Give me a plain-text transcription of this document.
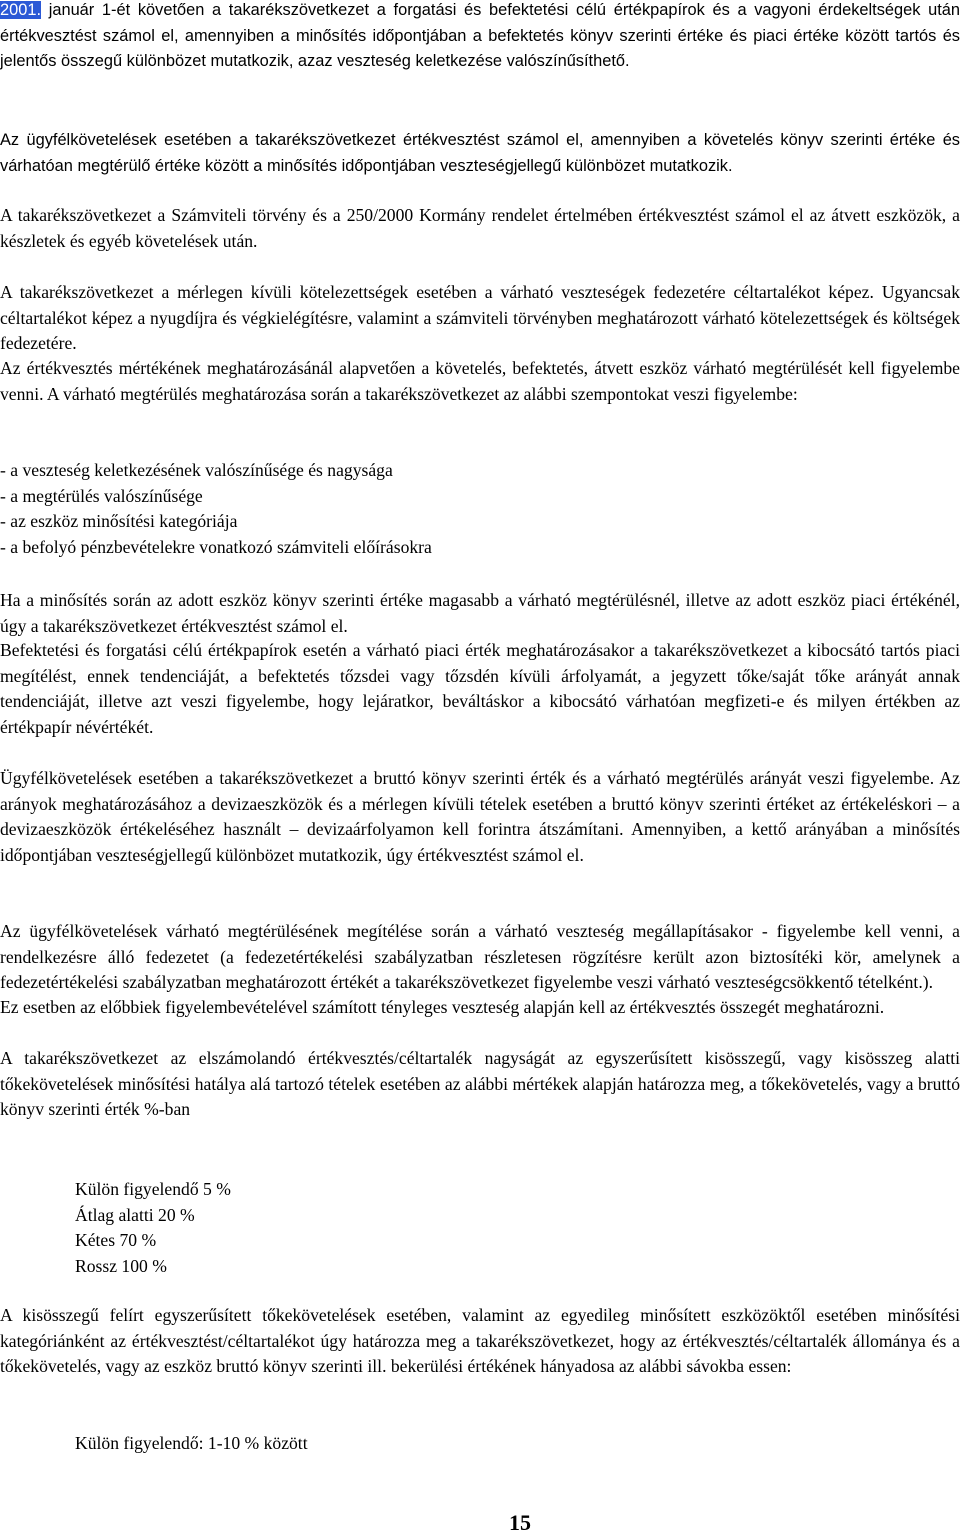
2001. január 1-ét követően a takarékszövetkezet a forgatási és befektetési célú értékpapírok és a vagyoni érdekeltségek után értékvesztést számol el, amennyiben a minősítés időpontjában a befektetés könyv szerinti értéke és piaci értéke között tartós és jelentős összegű különbözet mutatkozik, azaz veszteség keletkezése valószínűsíthető.
Az ügyfélkövetelések esetében a takarékszövetkezet értékvesztést számol el, amennyiben a követelés könyv szerinti értéke és várhatóan megtérülő értéke között a minősítés időpontjában veszteségjellegű különbözet mutatkozik.
A takarékszövetkezet a Számviteli törvény és a 250/2000 Kormány rendelet értelmében értékvesztést számol el az átvett eszközök, a készletek és egyéb követelések után.
A takarékszövetkezet a mérlegen kívüli kötelezettségek esetében a várható veszteségek fedezetére céltartalékot képez. Ugyancsak céltartalékot képez a nyugdíjra és végkielégítésre, valamint a számviteli törvényben meghatározott várható kötelezettségek és költségek fedezetére.
Az értékvesztés mértékének meghatározásánál alapvetően a követelés, befektetés, átvett eszköz várható megtérülését kell figyelembe venni. A várható megtérülés meghatározása során a takarékszövetkezet az alábbi szempontokat veszi figyelembe:
- a veszteség keletkezésének valószínűsége és nagysága
- a megtérülés valószínűsége
- az eszköz minősítési kategóriája
- a befolyó pénzbevételekre vonatkozó számviteli előírásokra
Ha a minősítés során az adott eszköz könyv szerinti értéke magasabb a várható megtérülésnél, illetve az adott eszköz piaci értékénél, úgy a takarékszövetkezet értékvesztést számol el.
Befektetési és forgatási célú értékpapírok esetén a várható piaci érték meghatározásakor a takarékszövetkezet a kibocsátó tartós piaci megítélést, ennek tendenciáját, a befektetés tőzsdei vagy tőzsdén kívüli árfolyamát, a jegyzett tőke/saját tőke arányát annak tendenciáját, illetve azt veszi figyelembe, hogy lejáratkor, beváltáskor a kibocsátó várhatóan megfizeti-e és milyen értékben az értékpapír névértékét.
Ügyfélkövetelések esetében a takarékszövetkezet a bruttó könyv szerinti érték és a várható megtérülés arányát veszi figyelembe. Az arányok meghatározásához a devizaeszközök és a mérlegen kívüli tételek esetében a bruttó könyv szerinti értéket az értékeléskori – a devizaeszközök értékeléséhez használt – devizaárfolyamon kell forintra átszámítani. Amennyiben, a kettő arányában a minősítés időpontjában veszteségjellegű különbözet mutatkozik, úgy értékvesztést számol el.
Az ügyfélkövetelések várható megtérülésének megítélése során a várható veszteség megállapításakor - figyelembe kell venni, a rendelkezésre álló fedezetet (a fedezetértékelési szabályzatban részletesen rögzítésre került azon biztosítéki kör, amelynek a fedezetértékelési szabályzatban meghatározott értékét a takarékszövetkezet figyelembe veszi várható veszteségcsökkentő tételként.).
Ez esetben az előbbiek figyelembevételével számított tényleges veszteség alapján kell az értékvesztés összegét meghatározni.
A takarékszövetkezet az elszámolandó értékvesztés/céltartalék nagyságát az egyszerűsített kisösszegű, vagy kisösszeg alatti tőkekövetelések minősítési hatálya alá tartozó tételek esetében az alábbi mértékek alapján határozza meg, a tőkekövetelés, vagy a bruttó könyv szerinti érték %-ban
Külön figyelendő 5 %
Átlag alatti 20 %
Kétes 70 %
Rossz 100 %
A kisösszegű felírt egyszerűsített tőkekövetelések esetében, valamint az egyedileg minősített eszközöktől esetében minősítési kategóriánként az értékvesztést/céltartalékot úgy határozza meg a takarékszövetkezet, hogy az értékvesztés/céltartalék állománya és a tőkekövetelés, vagy az eszköz bruttó könyv szerinti ill. bekerülési értékének hányadosa az alábbi sávokba essen:
Külön figyelendő: 1-10 % között
15
